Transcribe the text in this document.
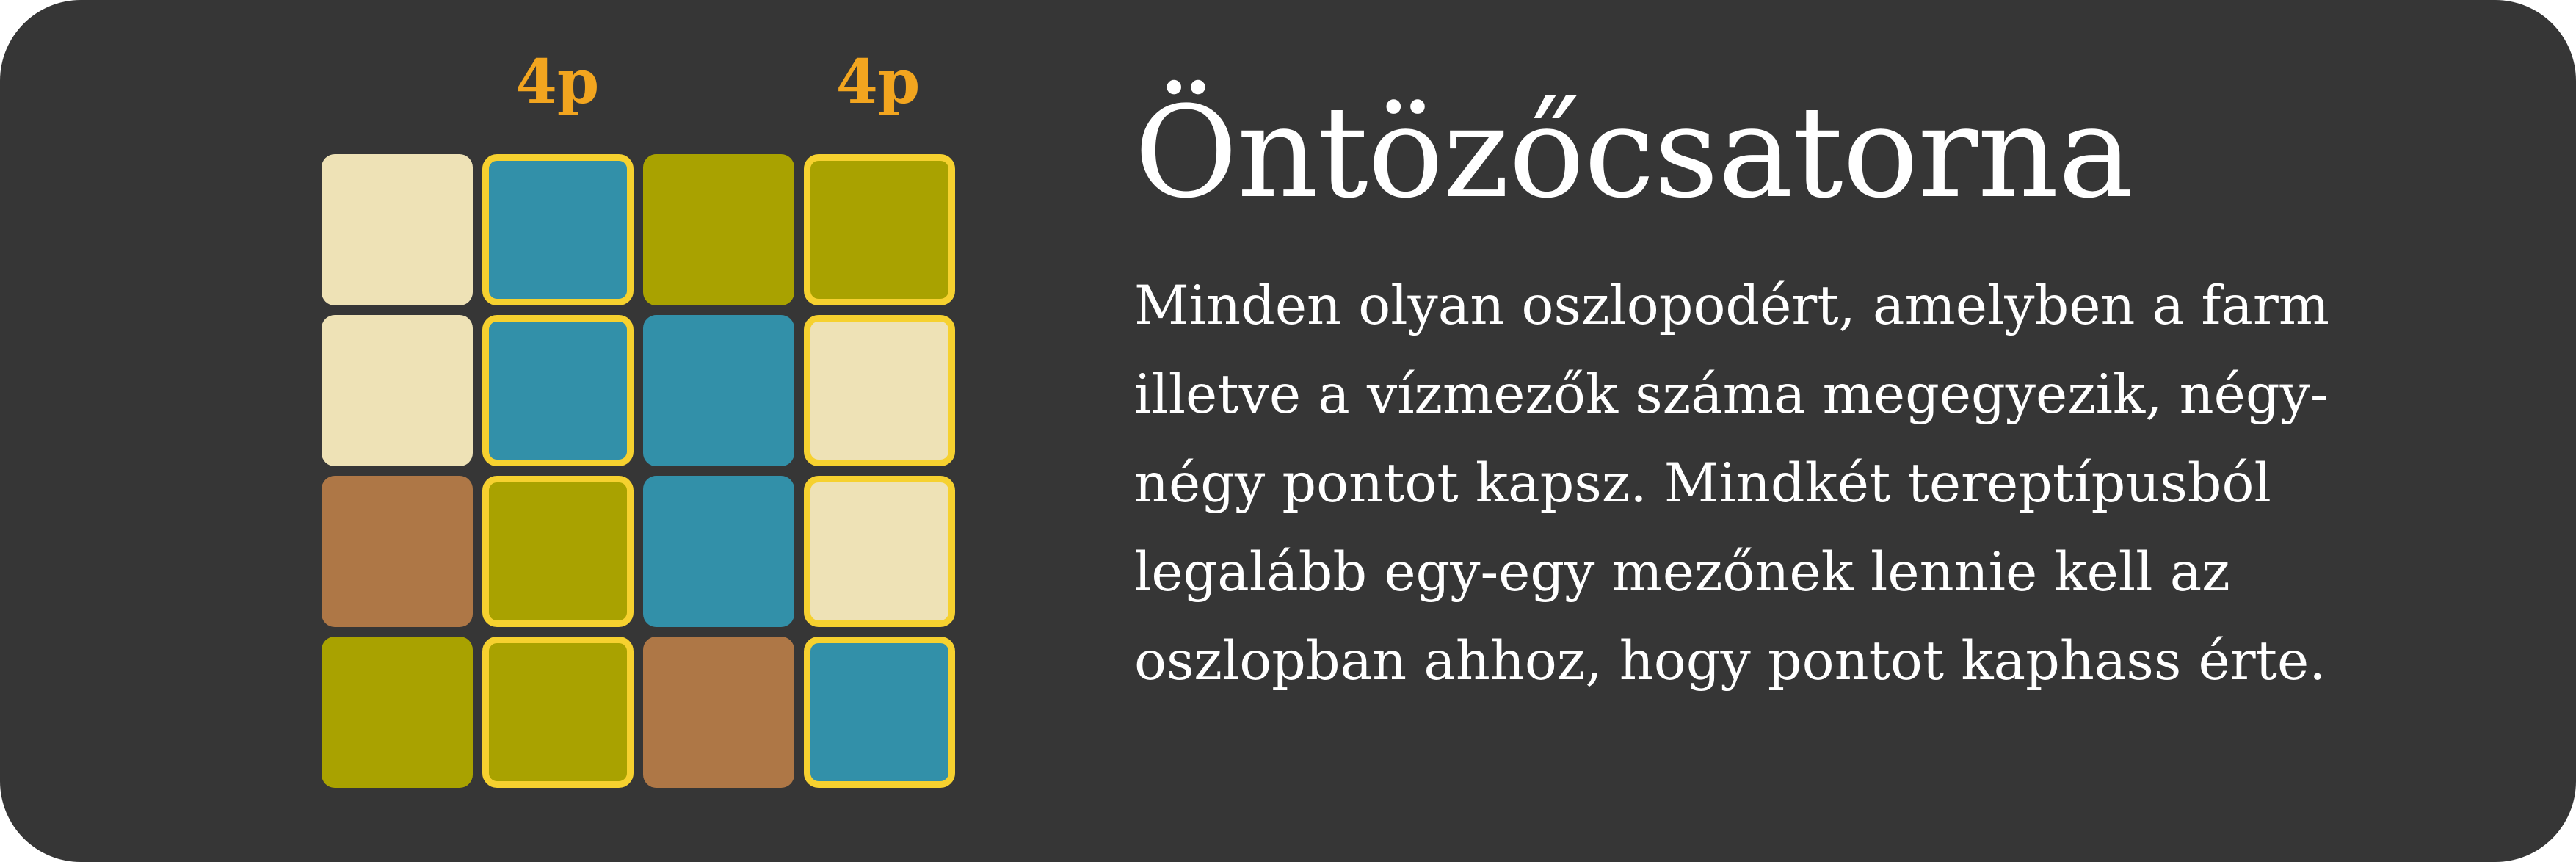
4p	4p Öntözőcsatorna
Minden olyan oszlopodért, amelyben a farm
illetve a vízmezők száma megegyezik, négy-
négy pontot kapsz. Mindkét tereptípusból
legalább egy-egy mezőnek lennie kell az
oszlopban ahhoz, hogy pontot kaphass érte.
